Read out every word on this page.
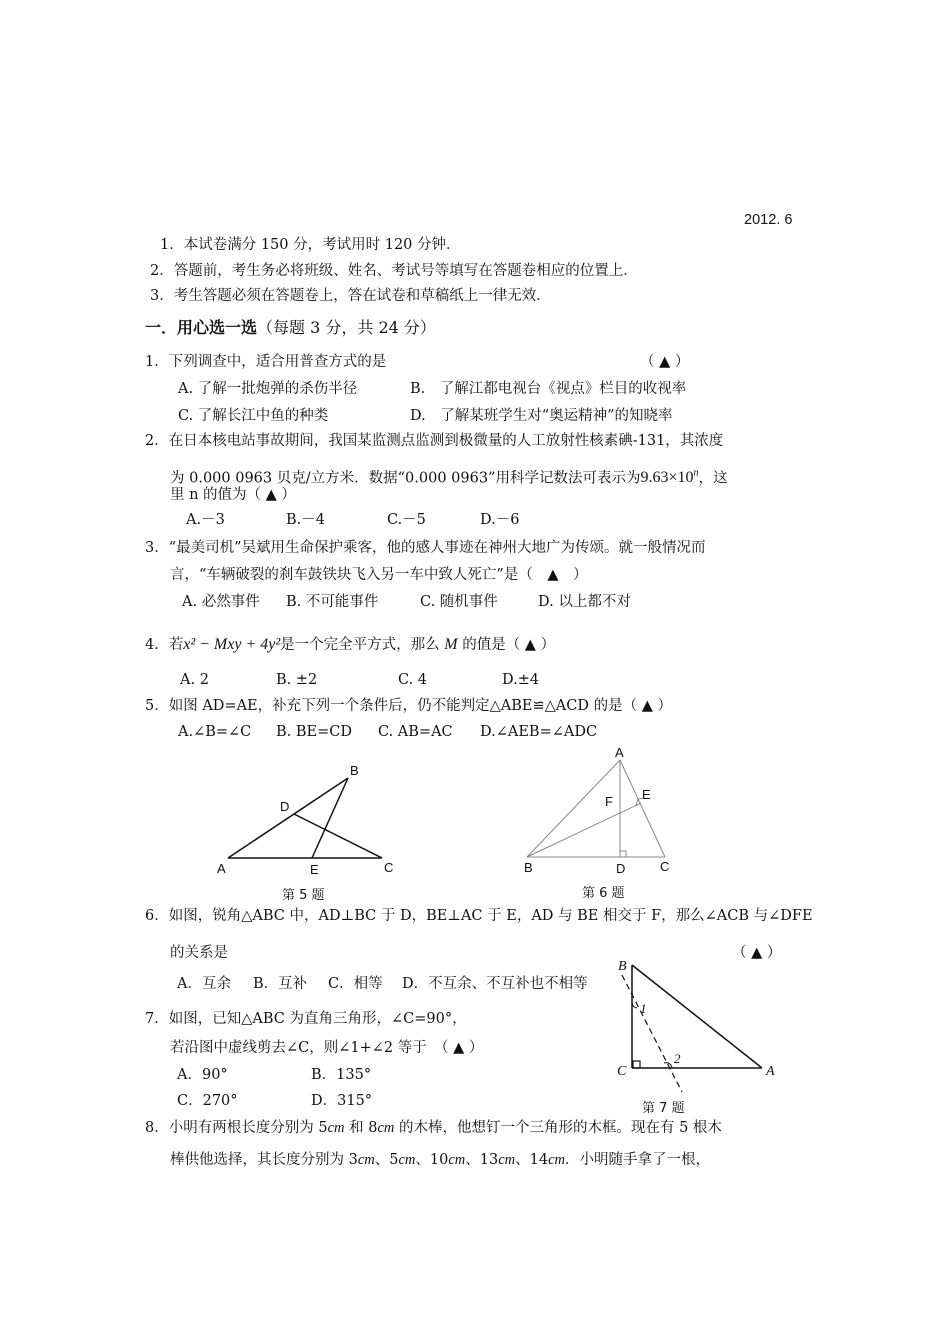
2012. 6
1．本试卷满分 150 分，考试用时 120 分钟．
2．答题前，考生务必将班级、姓名、考试号等填写在答题卷相应的位置上．
3．考生答题必须在答题卷上，答在试卷和草稿纸上一律无效．
一．用心选一选（每题 3 分，共 24 分）
1．下列调查中，适合用普查方式的是	（ ▲ ）
A. 了解一批炮弹的杀伤半径	B.　了解江都电视台《视点》栏目的收视率
C. 了解长江中鱼的种类	D.　了解某班学生对“奥运精神”的知晓率
2．在日本核电站事故期间，我国某监测点监测到极微量的人工放射性核素碘-131，其浓度
为 0.000 0963 贝克/立方米．数据“0.000 0963”用科学记数法可表示为$9.63\times 10^n$，这
里 n 的值为（ ▲ ）
A.－3	B.－4	C.－5	D.－6
3．“最美司机”吴斌用生命保护乘客，他的感人事迹在神州大地广为传颂。就一般情况而
言，“车辆破裂的刹车鼓铁块飞入另一车中致人死亡”是（　▲　）
A. 必然事件 B. 不可能事件	C. 随机事件	D. 以上都不对
4．若x² − Mxy + 4y²是一个完全平方式，那么 M 的值是（ ▲ ）
A. 2	B. ±2	C. 4	D.±4
5．如图 AD=AE，补充下列一个条件后，仍不能判定△ABE≌△ACD 的是（ ▲ ）
A.∠B=∠C B. BE=CD C. AB=AC D.∠AEB=∠ADC
A
B
C
D
E
第 5 题
A
B	C
D
E
F
第 6 题
6．如图，锐角△ABC 中，AD⊥BC 于 D，BE⊥AC 于 E，AD 与 BE 相交于 F，那么∠ACB 与∠DFE
的关系是	（ ▲ ）
A．互余 B．互补 C．相等 D．不互余、不互补也不相等
B
C	A
1
2
第 7 题
7．如图，已知△ABC 为直角三角形，∠C=90°，
若沿图中虚线剪去∠C，则∠1+∠2 等于　（ ▲ ）
A．90°	B．135°
C．270°	D．315°
8．小明有两根长度分别为 5cm 和 8cm 的木棒，他想钉一个三角形的木框。现在有 5 根木
棒供他选择，其长度分别为 3cm、5cm、10cm、13cm、14cm．小明随手拿了一根，
